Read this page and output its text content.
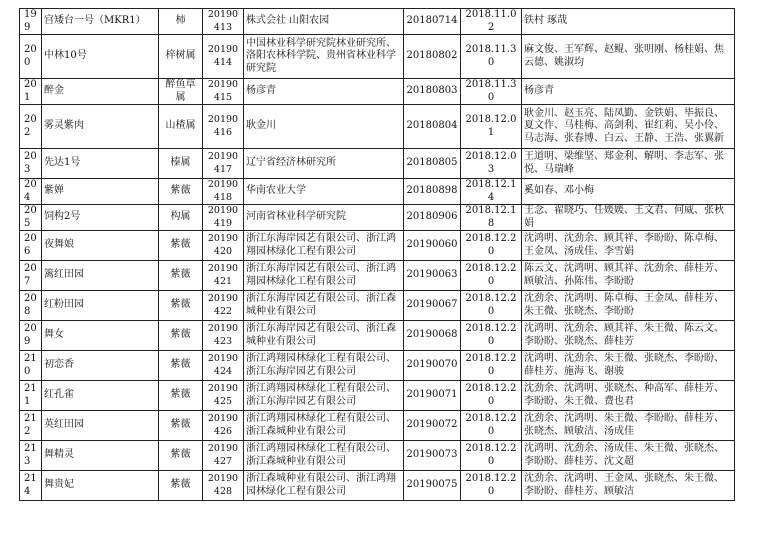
199	宫矮台一号（MKR1）	柿	20190413	株式会社 山阳农园	20180714	2018.11.02	铁村 琢哉
200	中林10号	梓树属	20190414	中国林业科学研究院林业研究所、洛阳农林科学院、贵州省林业科学研究院	20180802	2018.11.30	麻文俊、王军辉、赵鲲、张明刚、杨桂娟、焦云德、姚淑均
201	醉金	醉鱼草属	20190415	杨彦青	20180803	2018.11.30	杨彦青
202	雾灵紫肉	山楂属	20190416	耿金川	20180804	2018.12.01	耿金川、赵玉亮、陆凤勤、金铁娟、毕振良、夏文作、马桂梅、高剑利、崔红莉、吴小伶、马志海、张春博、白云、王静、王浩、张翼新
203	先达1号	榛属	20190417	辽宁省经济林研究所	20180805	2018.12.03	王道明、梁维坚、郑金利、解明、李志军、张悦、马瑞峰
204	紫婵	紫薇	20190418	华南农业大学	20180898	2018.12.14	奚如春、邓小梅
205	饲构2号	构属	20190419	河南省林业科学研究院	20180906	2018.12.18	王念、翟晓巧、任媛媛、王文君、何威、张秋娟
206	夜舞娘	紫薇	20190420	浙江东海岸园艺有限公司、浙江鸿翔园林绿化工程有限公司	20190060	2018.12.20	沈鸿明、沈劲余、顾其祥、李盼盼、陈卓梅、王金凤、汤成佳、李雪娟
207	篱红田园	紫薇	20190421	浙江东海岸园艺有限公司、浙江鸿翔园林绿化工程有限公司	20190063	2018.12.20	陈云文、沈鸿明、顾其祥、沈劲余、薛桂芳、顾敏洁、孙陈伟、李盼盼
208	红粉田园	紫薇	20190422	浙江东海岸园艺有限公司、浙江森城种业有限公司	20190067	2018.12.20	沈劲余、沈鸿明、陈卓梅、王金凤、薛桂芳、朱王微、张晓杰、李盼盼
209	舞女	紫薇	20190423	浙江东海岸园艺有限公司、浙江森城种业有限公司	20190068	2018.12.20	沈鸿明、沈劲余、顾其祥、朱王微、陈云文、李盼盼、张晓杰、薛桂芳
210	初恋香	紫薇	20190424	浙江鸿翔园林绿化工程有限公司、浙江东海岸园艺有限公司	20190070	2018.12.20	沈鸿明、沈劲余、朱王微、张晓杰、李盼盼、薛桂芳、施海飞、谢骏
211	红孔雀	紫薇	20190425	浙江鸿翔园林绿化工程有限公司、浙江东海岸园艺有限公司	20190071	2018.12.20	沈劲余、沈鸿明、张晓杰、种高军、薛桂芳、李盼盼、朱王微、费也君
212	英红田园	紫薇	20190426	浙江鸿翔园林绿化工程有限公司、浙江森城种业有限公司	20190072	2018.12.20	沈劲余、沈鸿明、朱王微、李盼盼、薛桂芳、张晓杰、顾敏洁、汤成佳
213	舞精灵	紫薇	20190427	浙江鸿翔园林绿化工程有限公司、浙江森城种业有限公司	20190073	2018.12.20	沈鸿明、沈劲余、汤成佳、朱王微、张晓杰、李盼盼、薛桂芳、沈文超
214	舞贵妃	紫薇	20190428	浙江森城种业有限公司、浙江鸿翔园林绿化工程有限公司	20190075	2018.12.20	沈劲余、沈鸿明、王金凤、张晓杰、朱王微、李盼盼、薛桂芳、顾敏洁
